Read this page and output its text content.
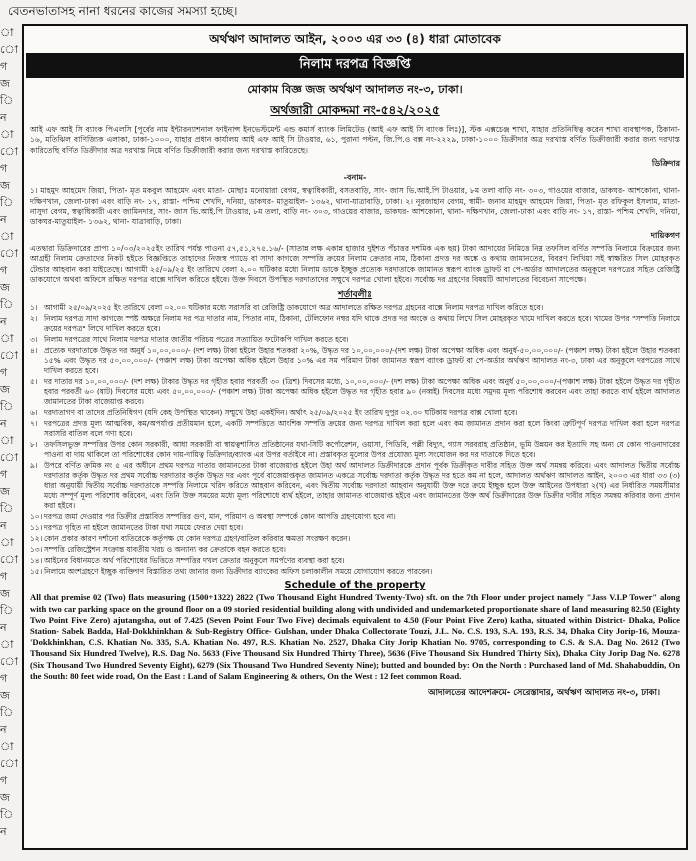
বেতনভাতাসহ নানা ধরনের কাজের সমস্যা হচ্ছে।
া
ো
গ
জ
ি
ন
া
ো
গ
জ
ি
ন
া
ো
গ
জ
ি
ন
া
ো
গ
জ
ি
ন
া
ো
গ
জ
ি
ন
া
ো
গ
জ
ি
ন
া
ো
গ
জ
ি
ন
া
ো
গ
জ
ি
ন
অর্থঋণ আদালত আইন, ২০০৩ এর ৩৩ (৪) ধারা মোতাবেক
নিলাম দরপত্র বিজ্ঞপ্তি
মোকাম বিজ্ঞ জজ অর্থঋণ আদালত নং-৩, ঢাকা।
অর্থজারী মোকদ্দমা নং-৫৪২/২০২৫
আই এফ আই সি ব্যাংক পিএলসি [পূর্বের নাম ইন্টারন্যাশনাল ফাইনান্স ইনভেস্টমেন্ট এন্ড কমার্স ব্যাংক লিমিটেড (আই এফ আই সি ব্যাংক লিঃ)], স্টক এক্সচেঞ্জ শাখা, যাহার প্রতিনিধিত্ব করেন শাখা ব্যবস্থাপক, ঠিকানা- ১৬, মতিঝিল বাণিজ্যিক এলাকা, ঢাকা-১০০০, যাহার প্রধান কার্যালয় আই এফ আই সি টাওয়ার, ৬১, পুরানা পল্টন, জি.পি.ও বক্স নং-২২২৯, ঢাকা-১০০০ ডিক্রীদার অত্র দরখাস্ত বর্ণিত ডিক্রীজারী করার জন্য দরখাস্ত কারিতেছি বর্ণিত ডিক্রীদার অত্র দরখাস্ত নিয়ে বর্ণিত ডিক্রীজারী করার জন্য দরখাস্ত কারিতেছে।
ডিক্রিদার
-বনাম-
১। মাহমুদ আহমেদ জিয়া, পিতা- মৃত মকবুল আহমেদ এবং মাতা- মোছাঃ মনোয়ারা বেগম, স্বত্বাধিকারী, বসতবাড়ি, সাং- জাস ভি.আই.পি টাওয়ার, ৮ম তলা বাড়ি নং- ৩০৩, গাওয়ের বাজার, ডাকঘর- আশকোনা, থানা- দক্ষিণখান, জেলা-ঢাকা এবং বাড়ি নং- ১৭, রাস্তা- পশ্চিম শেখদি, দনিয়া, ডাকঘর- মাতুয়াইল- ১৩৬২, থানা-যাত্রাবাড়ি, ঢাকা। ২। নূরজাহান বেগম, স্বামী- জনাব মাহমুদ আহমেদ জিয়া, পিতা- মৃত রফিকুল ইসলাম, মাতা- নাসুদা বেগম, স্বত্বাধিকারী এবং জামিনদার, সাং- জাস ভি.আই.পি টাওয়ার, ৮ম তলা, বাড়ি নং- ৩০৩, গাওয়ের বাজার, ডাকঘর- আশকোনা, থানা- দক্ষিণখান, জেলা-ঢাকা এবং বাড়ি নং- ১৭, রাস্তা- পশ্চিম শেখদি, দনিয়া, ডাকঘর-মাতুয়াইল- ১৩৬২, থানা- যাত্রাবাড়ি, ঢাকা।
দায়িকগণ
এতদ্বারা ডিক্রিদারের প্রাপ্য ১০/০৩/২০২৫ইং তারিখ পর্যন্ত পাওনা ৫৭,৫১,২৭৫.১৬/- (সাতান্ন লক্ষ একান্ন হাজার দুইশত পঁচাত্তর দশমিক এক ছয়) টাকা আদায়ের নিমিত্তে নিম্ন তফসিল বর্ণিত সম্পত্তি নিলামে বিক্রয়ের জন্য আগ্রহী নিলাম ক্রেতাদের নিকট হইতে বিজ্ঞপ্তিতে তাহাদের নিজস্ব প্যাডে বা সাদা কাগজে সম্পত্তি ক্রয়ের নিলাম ক্রেতার নাম, ঠিকানা প্রদত্ত দর অঙ্কে ও কথায় জামানতের, বিবরণ লিখিয়া সই স্বাক্ষরিত সিল মোহরকৃত টেন্ডার আহবান করা যাইতেছে। আগামী ২৫/০৯/২৫ ইং তারিখে বেলা ২.০০ ঘটিকার মধ্যে নিলাম ডাকে ইচ্ছুক প্রত্যেক দরদাতাকে জামানত স্বরূপ ব্যাংক ড্রাফট বা পে-অর্ডার আদালতের অনুকূলে দরপত্রের সহিত রেজিষ্ট্রি ডাকযোগে অথবা অফিসে রক্ষিত দরপত্র বাক্সে দাখিল করিতে হইবে। উক্ত দিবসে উপস্থিত দরদাতাদের সম্মুখে দরপত্র খোলা হইবে। সর্বোচ্চ দর গ্রহণের বিষয়টি আদালতের বিবেচনা সাপেক্ষে।
শর্তাবলীঃ
১। আগামী ২৫/০৯/২০২৫ ইং তারিখে বেলা ০২.০০ ঘটিকার মধ্যে সরাসরি বা রেজিষ্ট্রি ডাকযোগে অত্র আদালতে রক্ষিত দরপত্র গ্রহনের বাক্সে নিলাম দরপত্র দাখিল করিতে হবে।
২। নিলাম দরপত্র সাদা কাগজে স্পষ্ট অক্ষরে নিলাম দর পত্র দাতার নাম, পিতার নাম, ঠিকানা, টেলিফোন নম্বর যদি থাকে প্রদত্ত দর অংকে ও কথায় লিখে সিল মোহরকৃত খামে দাখিল করতে হবে। খামের উপর "সম্পত্তি নিলামে ক্রয়ের দরপত্র" লিখে দাখিল করতে হবে।
৩। নিলাম দরপত্রের সাথে নিলাম দরপত্র দাতার জাতীয় পরিচয় পত্রের সত্যায়িত ফটোকপি দাখিল করতে হবে।
৪। প্রত্যেক দরদাতাকে উদ্ধৃত দর অনুর্ধ ১০,০০,০০০/- (দশ লক্ষ) টাকা হইলে উহার শতকরা ২০%, উদ্ধৃত দর ১০,০০,০০০/-(দশ লক্ষ) টাকা অপেক্ষা অধিক এবং অনুর্ধ-৫০,০০,০০০/- (পঞ্চাশ লক্ষ) টাকা হইলে উহার শতকরা ১৫% এবং উদ্ধৃত দর ৫০,০০,০০০/- (পঞ্চাশ লক্ষ) টাকা অপেক্ষা অধিক হইলে উহার ১০% এর সম পরিমাণ টাকা জামানত স্বরূপ ব্যাংক ড্রাফট বা পে-অর্ডার অর্থঋণ আদালত নং-৩, ঢাকা এর অনুকূলে দরপত্রের সাথে দাখিল করতে হবে।
৫। দর দাতার দর ১০,০০,০০০/- (দশ লক্ষ) টাকার উদ্ধৃত দর গৃহীত হবার পরবর্তী ৩০ (ত্রিশ) দিবসের মধ্যে, ১০,০০,০০০/- (দশ লক্ষ) টাকা অপেক্ষা অধিক এবং অনুর্ধ ৫০,০০,০০০/-(পঞ্চাশ লক্ষ) টাকা হইলে উদ্ধৃত দর গৃহীত হবার পরবর্তী ৬০ (ষাট) দিবসের মধ্যে এবং ৫০,০০,০০০/- (পঞ্চাশ লক্ষ) টাকা অপেক্ষা অধিক হইলে উদ্ধৃত দর গৃহীত হবার ৯০ (নব্বই) দিবসের মধ্যে সমুদয় মূল্য পরিশোধ করবেন এবং তাহা করতে ব্যর্থ হইলে আদালত জামানতের টাকা বাজেয়াপ্ত করবে।
৬। দরদাতাগণ বা তাদের প্রতিনিধিগণ (যদি কেহ উপস্থিত থাকেন) সম্মুখে উহা একইদিন। অর্থাৎ ২৫/০৯/২০২৫ ইং তারিখ দুপুর ০২.৩০ ঘটিকায় দরপত্র বাক্স খোলা হবে।
৭। দরপত্রের প্রদত্ত মূল্য আত্মবিক, কম/অপর্যাপ্ত প্রতীয়মান হলে, একটি সম্পত্তিতে আংশিক সম্পত্তি ক্রয়ের জন্য দরপত্র দাখিল করা হলে এবং কম জামানত প্রদান করা হলে কিংবা ত্রুটিপূর্ণ দরপত্র দাখিল করা হলে দরপত্র সরাসরি বাতিল বলে গণ্য হবে।
৮। তফসিলভুক্ত সম্পত্তির উপর কোন সরকারী, আধা সরকারী বা স্বায়ত্বশাসিত প্রতিষ্ঠানের যথা-সিটি কর্পোরেশন, ওয়াসা, পিডিবি, পল্লী বিদ্যুৎ, গ্যাস সরবরাহ প্রতিষ্ঠান, ভূমি উন্নয়ন কর ইত্যাদি সহ অন্য যে কোন পাওনাদারের পাওনা বা দায় থাকিলে তা পরিশোধের কোন দায়-দায়িত্ব ডিক্রিদার/ব্যাংক এর উপর বর্তাইবে না। প্রস্তাবকৃত মূল্যের উপর প্রযোজ্য মূল্য সংযোজন কর দর দাতাকে দিতে হবে।
৯। উপরে বর্ণিত ক্রমিক নং ৫ এর অধীনে প্রথম দরপত্র দাতার জামানতের টাকা বাজেয়াপ্ত হইলে উহা অর্থ আদালত ডিক্রীদারকে প্রদান পূর্বক ডিক্রীকৃত দাবীর সহিত উক্ত অর্থ সমন্বয় করিবে। এবং আদালত দ্বিতীয় সর্বোচ্চ দরদাতার কর্তৃক উদ্ধৃত দর প্রথম সর্বোচ্চ দরদাতার কর্তৃক উদ্ধৃত দর এবং পূর্বে বাজেয়াপ্তকৃত জামানত একত্রে সর্বোচ্চ দরদাতা কর্তৃক উদ্ধৃত দর হতে কম না হলে, আদালত অর্থঋণ আদালত আইন, ২০০৩ এর ধারা ৩৩ (৩) ধারা অনুযায়ী দ্বিতীয় সর্বোচ্চ দরদাতাকে সম্পত্তি নিলামে খরিদ করিতে আহবান করিবেন, এবং দ্বিতীয় সর্বোচ্চ দরদাতা আহবান অনুযায়ী উক্ত দরে ক্রয়ে ইচ্ছুক হলে উক্ত আইনের উপধারা ২(খ) এর নির্ধারিত সময়সীমার মধ্যে সম্পূর্ণ মূল্য পরিশোধ করিবেন, এবং তিনি উক্ত সময়ের মধ্যে মূল্য পরিশোধে ব্যর্থ হইলে, তাহার জামানত বাজেয়াপ্ত হইবে এবং জামানতের উক্ত অর্থ ডিক্রীদারের উক্ত ডিক্রীর দাবীর সহিত সমন্বয় করিবার জন্য প্রদান করা হইবে।
১০। দরপত্র জমা দেওয়ার পর ডিক্রীর প্রস্তাবিত সম্পত্তির গুণ, মান, পরিমাণ ও অবস্থা সম্পর্কে কোন আপত্তি গ্রহণযোগ্য হবে না।
১১। দরপত্র গৃহিত না হইলে জামানতের টাকা যথা সময়ে ফেরত দেয়া হবে।
১২। কোন প্রকার কারণ দর্শানো ব্যতিরেকে কর্তৃপক্ষ যে কোন দরপত্র গ্রহণ/বাতিল করিবার ক্ষমতা সংরক্ষণ করেন।
১৩। সম্পত্তি রেজিস্ট্রেশন সংক্রান্ত যাবতীয় খরচ ও অন্যান্য কর ক্রেতাকে বহন করতে হবে।
১৪। আইনের বিধানমতে অর্থ পরিশোধের ভিত্তিতে সম্পত্তির দখল ক্রেতার অনুকূলে সমর্পণের ব্যবস্থা করা হবে।
১৫। নিলামে অংশগ্রহণে ইচ্ছুক ব্যক্তিগণ বিস্তারিত তথ্য জানার জন্য ডিক্রীদার ব্যাংকের অফিস চলাকালীন সময়ে যোগাযোগ করতে পারবেন।
Schedule of the property
All that premise 02 (Two) flats measuring (1500+1322) 2822 (Two Thousand Eight Hundred Twenty-Two) sft. on the 7th Floor under project namely "Jass V.I.P Tower" along with two car parking space on the ground floor on a 09 storied residential building along with undivided and undemarketed proportionate share of land measuring 82.50 (Eighty Two Point Five Zero) ajutangsha, out of 7.425 (Seven Point Four Two Five) decimals equivalent to 4.50 (Four Point Five Zero) katha, situated within District- Dhaka, Police Station- Sabek Badda, Hal-Dokkhinkhan & Sub-Registry Office- Gulshan, under Dhaka Collectorate Touzi, J.L. No. C.S. 193, S.A. 193, R.S. 34, Dhaka City Jorip-16, Mouza-'Dokkhinkhan, C.S. Khatian No. 335, S.A. Khatian No. 497, R.S. Khatian No. 2527, Dhaka City Jorip Khatian No. 9705, corresponding to C.S. & S.A. Dag No. 2612 (Two Thousand Six Hundred Twelve), R.S. Dag No. 5633 (Five Thousand Six Hundred Thirty Three), 5636 (Five Thousand Six Hundred Thirty Six), Dhaka City Jorip Dag No. 6278 (Six Thousand Two Hundred Seventy Eight), 6279 (Six Thousand Two Hundred Seventy Nine); butted and bounded by: On the North : Purchased land of Md. Shahabuddin, On the South: 80 feet wide road, On the East : Land of Salam Engineering & others, On the West : 12 feet common Road.
আদালতের আদেশক্রমে- সেরেস্তাদার, অর্থঋণ আদালত নং-৩, ঢাকা।
